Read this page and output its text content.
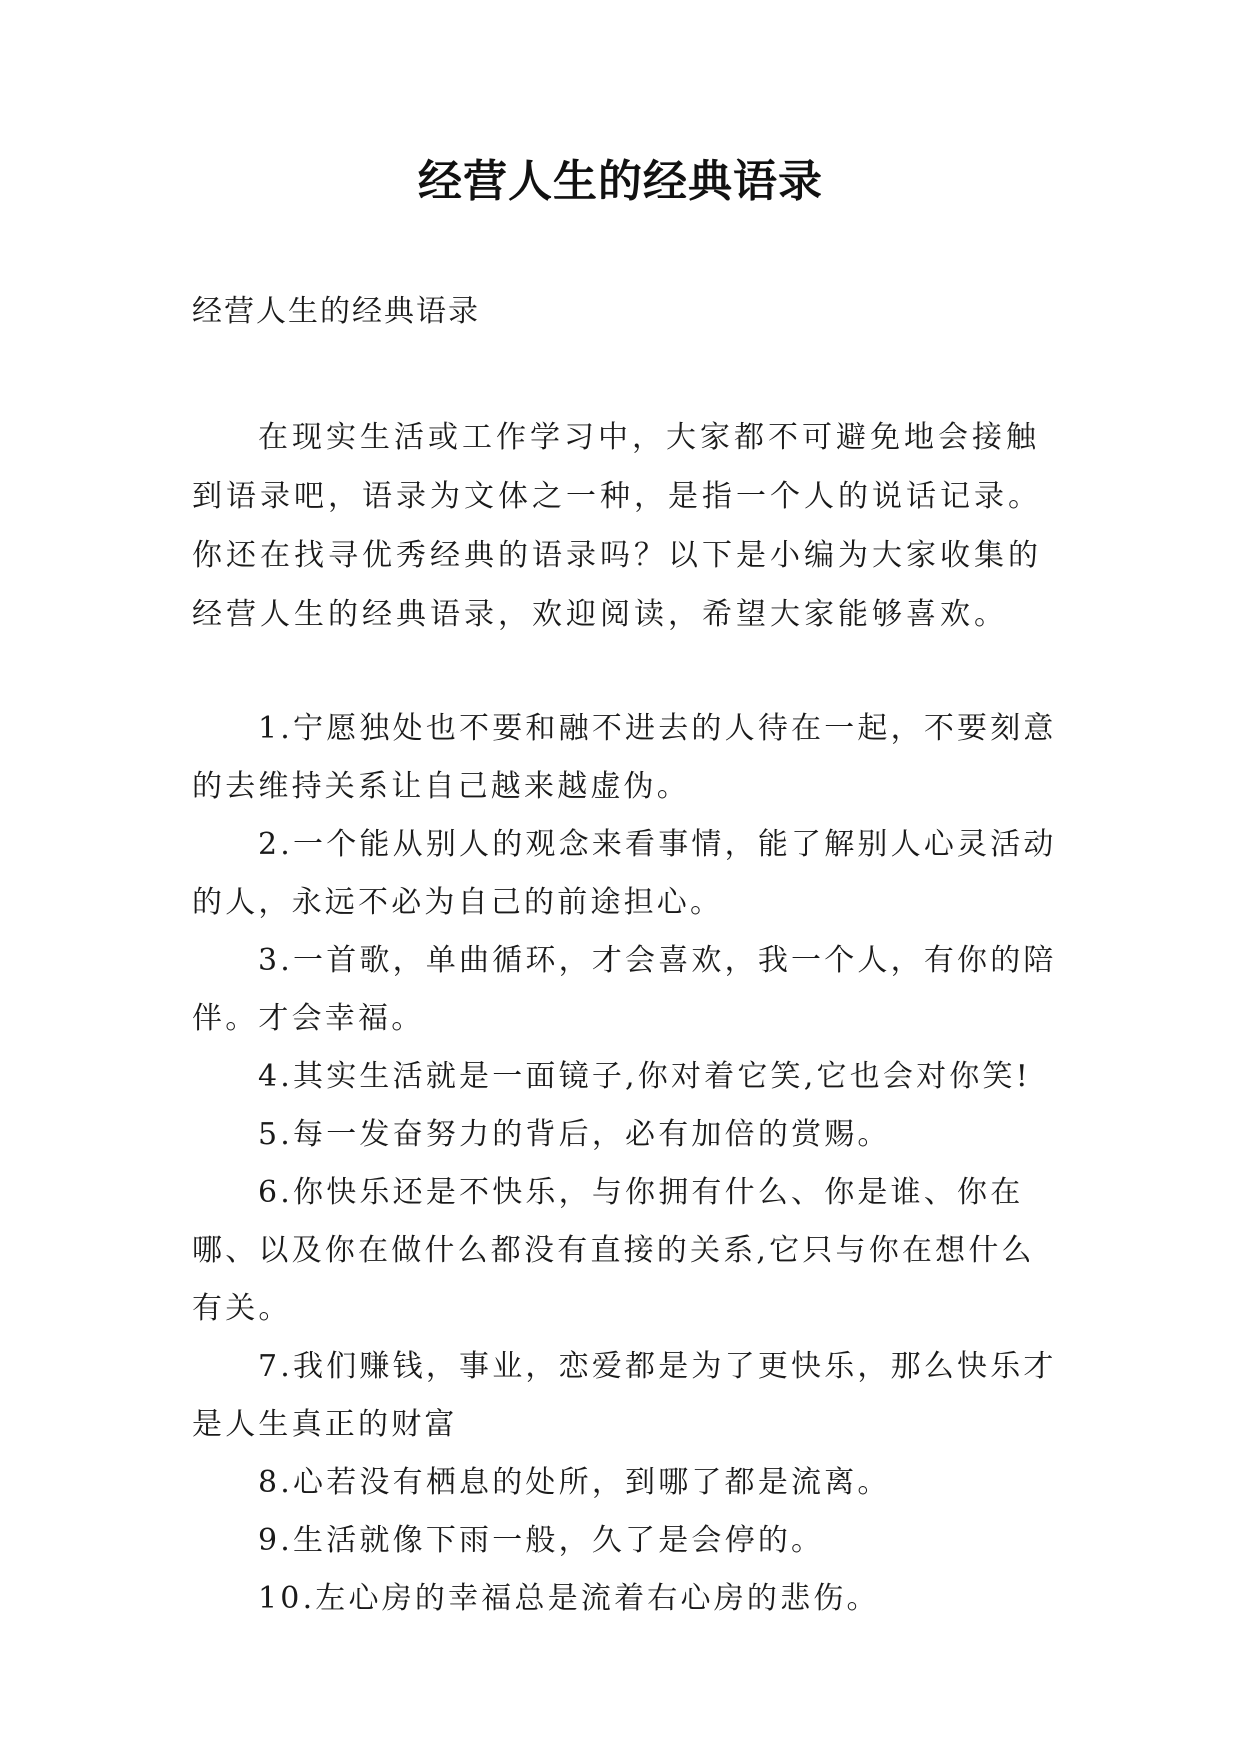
经营人生的经典语录
经营人生的经典语录

在现实生活或工作学习中，大家都不可避免地会接触到语录吧，语录为文体之一种，是指一个人的说话记录。你还在找寻优秀经典的语录吗？以下是小编为大家收集的经营人生的经典语录，欢迎阅读，希望大家能够喜欢。

1.宁愿独处也不要和融不进去的人待在一起，不要刻意的去维持关系让自己越来越虚伪。
2.一个能从别人的观念来看事情，能了解别人心灵活动的人，永远不必为自己的前途担心。
3.一首歌，单曲循环，才会喜欢，我一个人，有你的陪伴。才会幸福。
4.其实生活就是一面镜子,你对着它笑,它也会对你笑!
5.每一发奋努力的背后，必有加倍的赏赐。
6.你快乐还是不快乐，与你拥有什么、你是谁、你在哪、以及你在做什么都没有直接的关系,它只与你在想什么有关。
7.我们赚钱，事业，恋爱都是为了更快乐，那么快乐才是人生真正的财富
8.心若没有栖息的处所，到哪了都是流离。
9.生活就像下雨一般，久了是会停的。
10.左心房的幸福总是流着右心房的悲伤。
